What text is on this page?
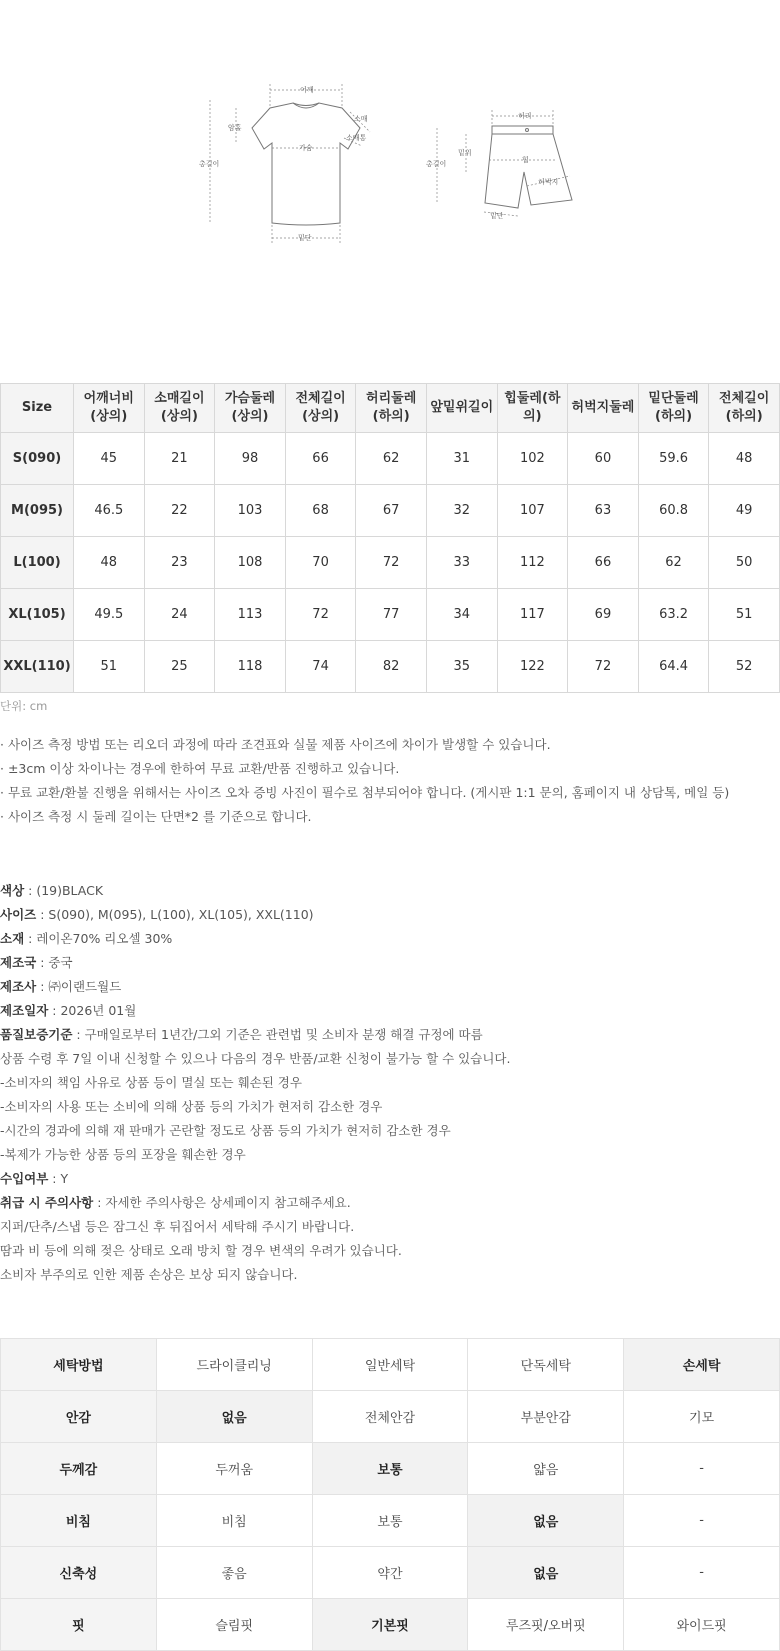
어깨
암홀
총길이
소매
소매통
가슴
밑단
허리
총길이
밑위
힙
허벅지
밑단
Size	어깨너비(상의)	소매길이(상의)	가슴둘레(상의)	전체길이(상의)	허리둘레(하의)	앞밑위길이	힙둘레(하의)	허벅지둘레	밑단둘레(하의)	전체길이(하의)
S(090)	45	21	98	66	62	31	102	60	59.6	48
M(095)	46.5	22	103	68	67	32	107	63	60.8	49
L(100)	48	23	108	70	72	33	112	66	62	50
XL(105)	49.5	24	113	72	77	34	117	69	63.2	51
XXL(110)	51	25	118	74	82	35	122	72	64.4	52
단위: cm
· 사이즈 측정 방법 또는 리오더 과정에 따라 조견표와 실물 제품 사이즈에 차이가 발생할 수 있습니다.
· ±3cm 이상 차이나는 경우에 한하여 무료 교환/반품 진행하고 있습니다.
· 무료 교환/환불 진행을 위해서는 사이즈 오차 증빙 사진이 필수로 첨부되어야 합니다. (게시판 1:1 문의, 홈페이지 내 상담톡, 메일 등)
· 사이즈 측정 시 둘레 길이는 단면*2 를 기준으로 합니다.
색상 : (19)BLACK
사이즈 : S(090), M(095), L(100), XL(105), XXL(110)
소재 : 레이온70% 리오셀 30%
제조국 : 중국
제조사 : ㈜이랜드월드
제조일자 : 2026년 01월
품질보증기준 : 구매일로부터 1년간/그외 기준은 관련법 및 소비자 분쟁 해결 규정에 따름
상품 수령 후 7일 이내 신청할 수 있으나 다음의 경우 반품/교환 신청이 불가능 할 수 있습니다.
-소비자의 책임 사유로 상품 등이 멸실 또는 훼손된 경우
-소비자의 사용 또는 소비에 의해 상품 등의 가치가 현저히 감소한 경우
-시간의 경과에 의해 재 판매가 곤란할 정도로 상품 등의 가치가 현저히 감소한 경우
-복제가 가능한 상품 등의 포장을 훼손한 경우
수입여부 : Y
취급 시 주의사항 : 자세한 주의사항은 상세페이지 참고해주세요.
지퍼/단추/스냅 등은 잠그신 후 뒤집어서 세탁해 주시기 바랍니다.
땀과 비 등에 의해 젖은 상태로 오래 방치 할 경우 변색의 우려가 있습니다.
소비자 부주의로 인한 제품 손상은 보상 되지 않습니다.
세탁방법	드라이클리닝	일반세탁	단독세탁	손세탁
안감	없음	전체안감	부분안감	기모
두께감	두꺼움	보통	얇음	-
비침	비침	보통	없음	-
신축성	좋음	약간	없음	-
핏	슬림핏	기본핏	루즈핏/오버핏	와이드핏
